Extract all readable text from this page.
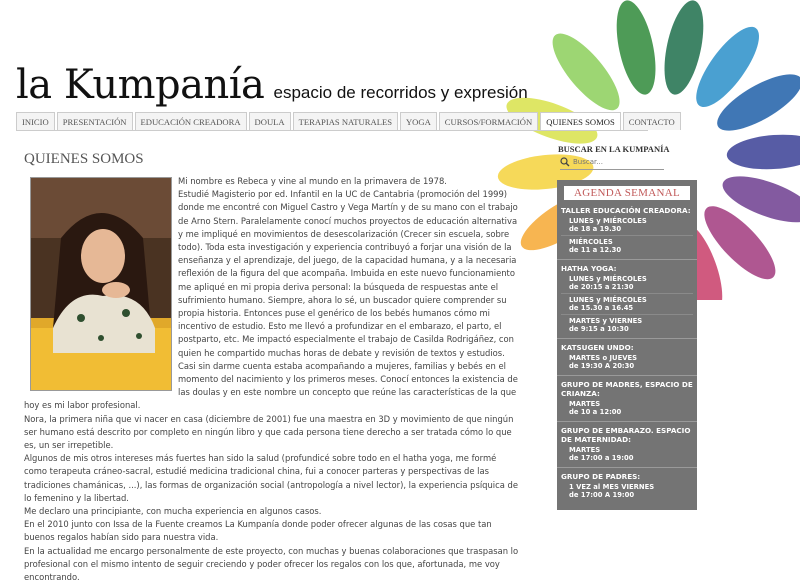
la Kumpanía espacio de recorridos y expresión
INICIO	PRESENTACIÓN	EDUCACIÓN CREADORA	DOULA	TERAPIAS NATURALES	YOGA	CURSOS/FORMACIÓN	QUIENES SOMOS	CONTACTO
QUIENES SOMOS

Mi nombre es Rebeca y vine al mundo en la primavera de 1978.

Estudié Magisterio por ed. Infantil en la UC de Cantabria (promoción del 1999) donde me encontré con Miguel Castro y Vega Martín y de su mano con el trabajo de Arno Stern. Paralelamente conocí muchos proyectos de educación alternativa y me impliqué en movimientos de desescolarización (Crecer sin escuela, sobre todo). Toda esta investigación y experiencia contribuyó a forjar una visión de la enseñanza y el aprendizaje, del juego, de la capacidad humana, y a la necesaria reflexión de la figura del que acompaña. Imbuida en este nuevo funcionamiento me apliqué en mi propia deriva personal: la búsqueda de respuestas ante el sufrimiento humano. Siempre, ahora lo sé, un buscador quiere comprender su propia historia. Entonces puse el genérico de los bebés humanos cómo mi incentivo de estudio. Esto me llevó a profundizar en el embarazo, el parto, el postparto, etc. Me impactó especialmente el trabajo de Casilda Rodrigáñez, con quien he compartido muchas horas de debate y revisión de textos y estudios. Casi sin darme cuenta estaba acompañando a mujeres, familias y bebés en el momento del nacimiento y los primeros meses. Conocí entonces la existencia de las doulas y en este nombre un concepto que reúne las características de la que hoy es mi labor profesional.

Nora, la primera niña que vi nacer en casa (diciembre de 2001) fue una maestra en 3D y movimiento de que ningún ser humano está descrito por completo en ningún libro y que cada persona tiene derecho a ser tratada cómo lo que es, un ser irrepetible.

Algunos de mis otros intereses más fuertes han sido la salud (profundicé sobre todo en el hatha yoga, me formé como terapeuta cráneo-sacral, estudié medicina tradicional china, fui a conocer parteras y perspectivas de las tradiciones chamánicas, ...), las formas de organización social (antropología a nivel lector), la experiencia psíquica de lo femenino y la libertad.

Me declaro una principiante, con mucha experiencia en algunos casos.

En el 2010 junto con Issa de la Fuente creamos La Kumpanía donde poder ofrecer algunas de las cosas que tan buenos regalos habían sido para nuestra vida.

En la actualidad me encargo personalmente de este proyecto, con muchas y buenas colaboraciones que traspasan lo profesional con el mismo intento de seguir creciendo y poder ofrecer los regalos con los que, afortunada, me voy encontrando.

BUSCAR EN LA KUMPANÍA
Buscar...
AGENDA SEMANAL
TALLER EDUCACIÓN CREADORA:
LUNES y MIÉRCOLES
de 18 a 19.30
MIÉRCOLES
de 11 a 12.30
HATHA YOGA:
LUNES y MIÉRCOLES
de 20:15 a 21:30
LUNES y MIÉRCOLES
de 15.30 a 16.45
MARTES y VIERNES
de 9:15 a 10:30
KATSUGEN UNDO:
MARTES o JUEVES
de 19:30 A 20:30
GRUPO DE MADRES, ESPACIO DE CRIANZA:
MARTES
de 10 a 12:00
GRUPO DE EMBARAZO. ESPACIO DE MATERNIDAD:
MARTES
de 17:00 a 19:00
GRUPO DE PADRES:
1 VEZ al MES VIERNES
de 17:00 A 19:00
